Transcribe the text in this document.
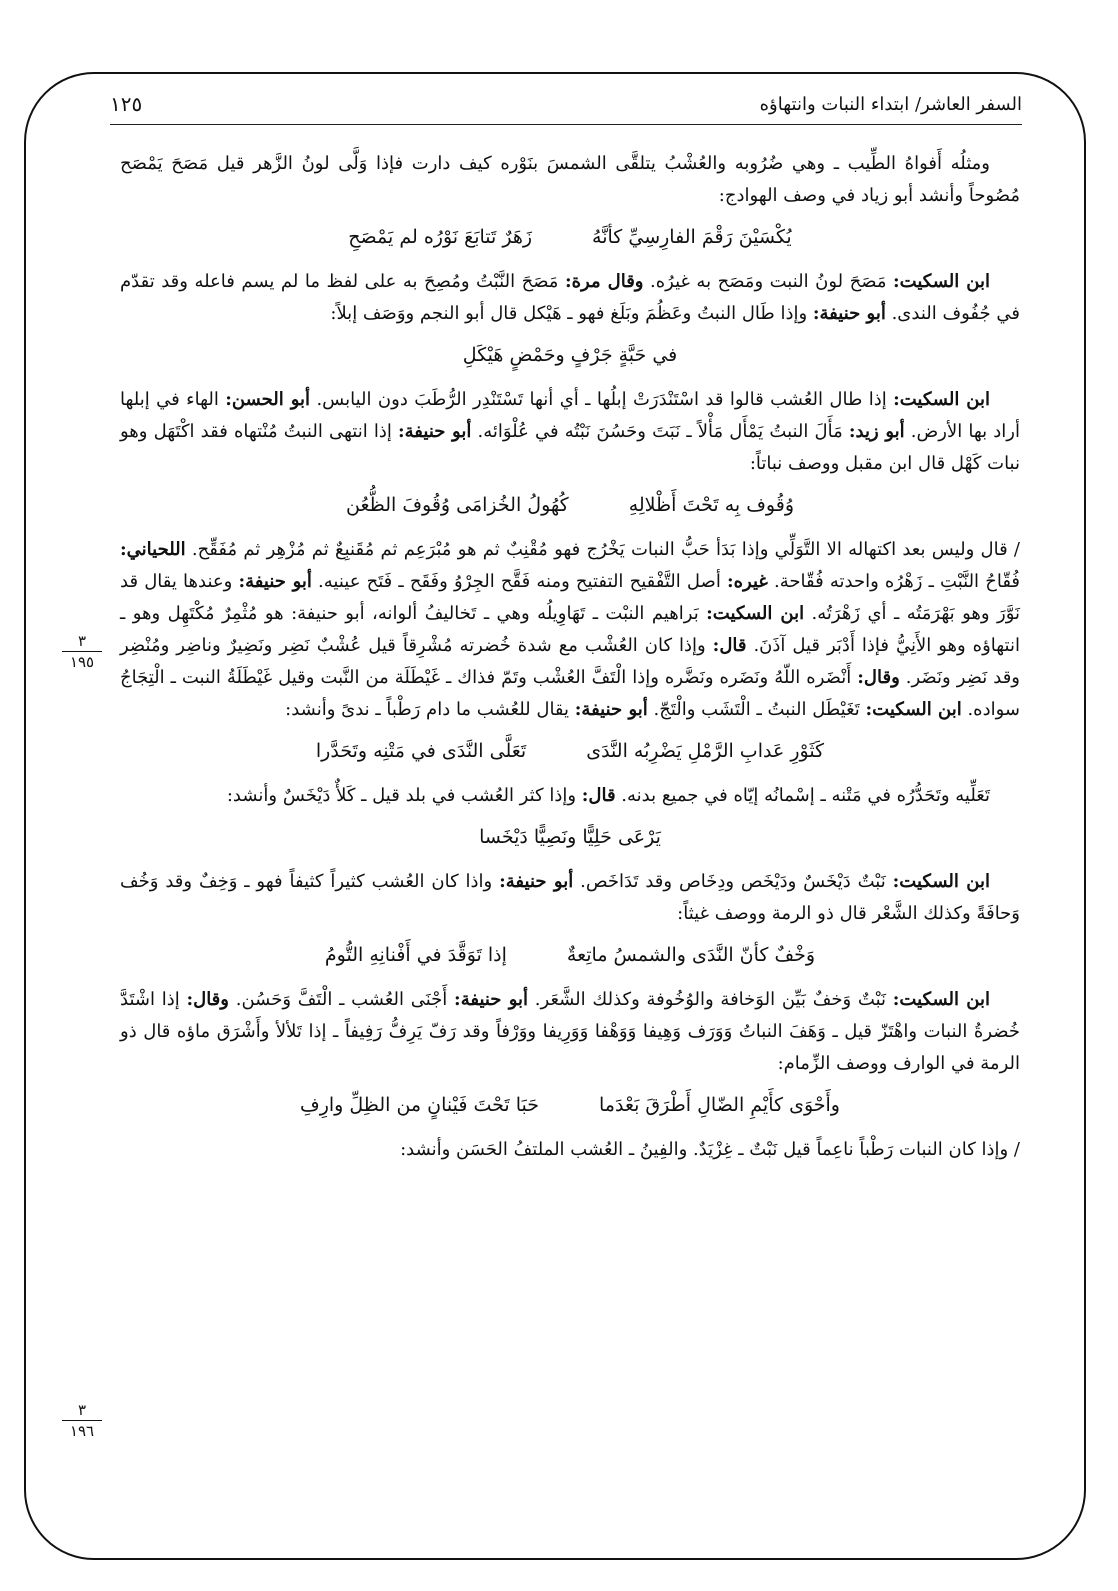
السفر العاشر/ ابتداء النبات وانتهاؤه
١٢٥
٣
١٩٥
٣
١٩٦

ومثلُه أَفواهُ الطِّيب ـ وهي ضُرُوبه والعُشْبُ يتلقَّى الشمسَ بنَوْره كيف دارت فإذا وَلَّى لونُ الزَّهر قيل مَصَحَ يَمْصَح مُصُوحاً وأنشد أبو زياد في وصف الهوادج:

يُكْسَيْنَ رَقْمَ الفارِسِيِّ كأنَّهُ
زَهَرٌ تَتابَعَ نَوْرُه لم يَمْصَحِ

ابن السكيت: مَصَحَ لونُ النبت ومَصَح به غيرُه. وقال مرة: مَصَحَ النَّبْتُ ومُصِحَ به على لفظ ما لم يسم فاعله وقد تقدّم في جُفُوف الندى. أبو حنيفة: وإذا طَال النبتُ وعَظُمَ وبَلَغ فهو ـ هَيْكل قال أبو النجم ووَصَف إبلاً:

في حَبَّةٍ جَرْفٍ وحَمْضٍ هَيْكَلِ

ابن السكيت: إذا طال العُشب قالوا قد اسْتَنْدَرَتْ إبلُها ـ أي أنها تَسْتَنْدِر الرُّطَبَ دون اليابس. أبو الحسن: الهاء في إبلها أراد بها الأرض. أبو زيد: مَأَلَ النبتُ يَمْأَل مَأْلاً ـ نَبَتَ وحَسُنَ نَبْتُه في عُلْوَائه. أبو حنيفة: إذا انتهى النبتُ مُنْتهاه فقد اكْتَهَل وهو نبات كَهْل قال ابن مقبل ووصف نباتاً:

وُقُوف بِه تَحْتَ أَظْلالِهِ
كُهُولُ الخُزامَى وُقُوفَ الظُّعُن

/ قال وليس بعد اكتهاله الا التَّوَلِّي وإذا بَدَأ حَبُّ النبات يَخْرُج فهو مُقْنِبٌ ثم هو مُبْرَعِم ثم مُقَنبِعٌ ثم مُزْهِر ثم مُفَقِّح. اللحياني: فُقّاحُ النَّبْتِ ـ زَهْرُه واحدته فُقّاحة. غيره: أصل التَّفْقيح التفتيح ومنه فَقَّح الجِرْوُ وفَقَح ـ فَتَح عينيه. أبو حنيفة: وعندها يقال قد نَوَّرَ وهو بَهْرَمَتُه ـ أي زَهْرَتُه. ابن السكيت: بَراهيم النبْت ـ تَهَاوِيلُه وهي ـ تَخاليفُ ألوانه، أبو حنيفة: هو مُثْمِرٌ مُكْتَهِل وهو ـ انتهاؤه وهو الأَنِيُّ فإذا أَدْبَر قيل آذَنَ. قال: وإذا كان العُشْب مع شدة خُضرته مُشْرِقاً قيل عُشْبٌ نَضِر ونَضِيرٌ وناضِر ومُنْضِر وقد نَضِر ونَضَر. وقال: أَنْضَره اللّهُ ونَضَره ونَضَّره وإذا الْتَفَّ العُشْب وتَمّ فذاك ـ غَيْطَلَة من النَّبت وقيل غَيْطَلَةُ النبت ـ الْتِجَاجُ سواده. ابن السكيت: تَغَيْطَل النبتُ ـ الْتَشَب والْتَجّ. أبو حنيفة: يقال للعُشب ما دام رَطْباً ـ ندىً وأنشد:

كَثَوْرِ عَدابِ الرَّمْلِ يَضْرِبُه النَّدَى
تَعَلَّى النَّدَى في مَتْنِه وتَحَدَّرا

تَعَلِّيه وتَحَدُّرُه في مَتْنه ـ إسْمانُه إيّاه في جميع بدنه. قال: وإذا كثر العُشب في بلد قيل ـ كَلأٌ دَيْخَسٌ وأنشد:

يَرْعَى حَلِيًّا ونَصِيًّا دَيْخَسا

ابن السكيت: نَبْتٌ دَيْخَسٌ ودَيْخَص ودِخَاص وقد تَدَاخَص. أبو حنيفة: واذا كان العُشب كثيراً كثيفاً فهو ـ وَخِفٌ وقد وَخُف وَحافَةً وكذلك الشَّعْر قال ذو الرمة ووصف غيثاً:

وَخْفٌ كأنّ النَّدَى والشمسُ ماتِعةٌ
إذا تَوَقَّدَ في أَفْنانِهِ التُّومُ

ابن السكيت: نَبْتٌ وَخفٌ بَيِّن الوَخافة والوُخُوفة وكذلك الشَّعَر. أبو حنيفة: أَجْنَى العُشب ـ الْتَفَّ وَحَسُن. وقال: إذا اشْتَدَّ خُضرةُ النبات واهْتَزّ قيل ـ وَهَفَ النباتُ وَوَرَف وَهِيفا وَوَهْفا وَوَرِيفا ووَرْفاً وقد رَفّ يَرِفُّ رَفِيفاً ـ إذا تَلألأ وأَشْرَق ماؤه قال ذو الرمة في الوارف ووصف الزِّمام:

وأَحْوَى كأَيْمِ الضّالِ أَطْرَقَ بَعْدَما
حَبَا تَحْتَ فَيْنانٍ من الظِلِّ وارِفِ

/ وإذا كان النبات رَطْباً ناعِماً قيل نَبْتٌ ـ غِزْيَدٌ. والفِينُ ـ العُشب الملتفُ الحَسَن وأنشد:
